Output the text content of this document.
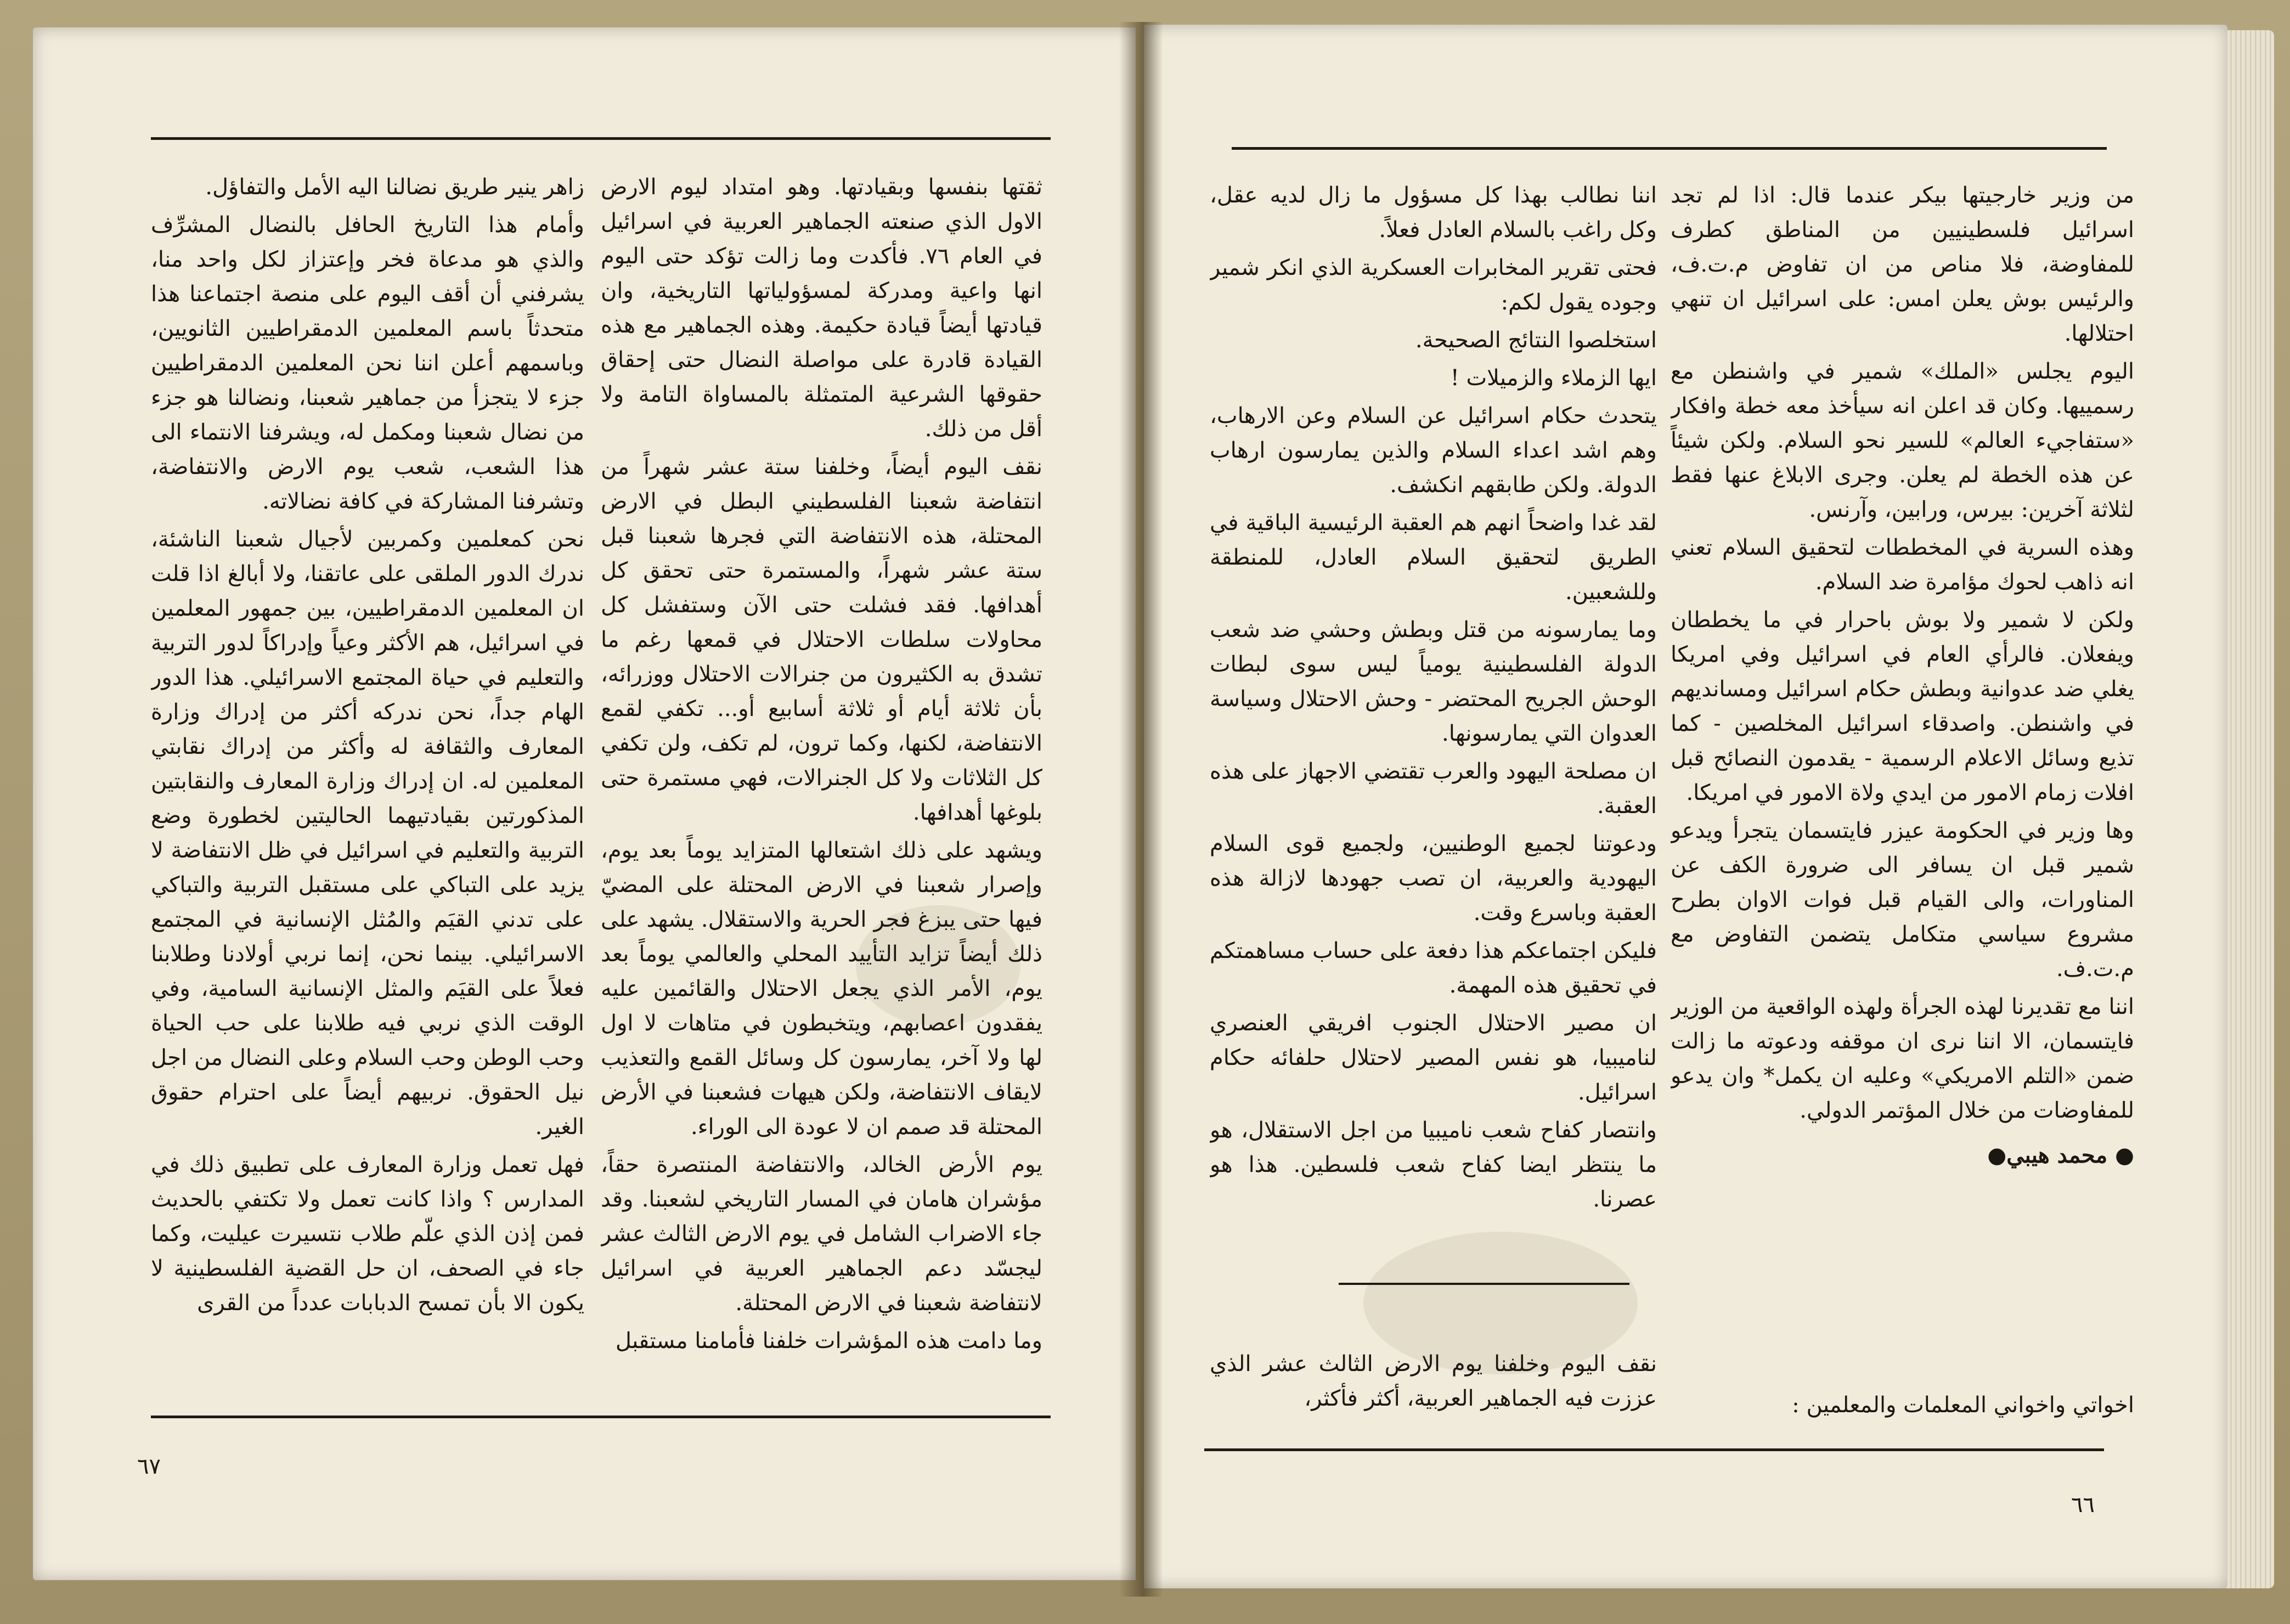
ثقتها بنفسها وبقيادتها. وهو امتداد ليوم الارض الاول الذي صنعته الجماهير العربية في اسرائيل في العام ٧٦. فأكدت وما زالت تؤكد حتى اليوم انها واعية ومدركة لمسؤولياتها التاريخية، وان قيادتها أيضاً قيادة حكيمة. وهذه الجماهير مع هذه القيادة قادرة على مواصلة النضال حتى إحقاق حقوقها الشرعية المتمثلة بالمساواة التامة ولا أقل من ذلك.

نقف اليوم أيضاً، وخلفنا ستة عشر شهراً من انتفاضة شعبنا الفلسطيني البطل في الارض المحتلة، هذه الانتفاضة التي فجرها شعبنا قبل ستة عشر شهراً، والمستمرة حتى تحقق كل أهدافها. فقد فشلت حتى الآن وستفشل كل محاولات سلطات الاحتلال في قمعها رغم ما تشدق به الكثيرون من جنرالات الاحتلال ووزرائه، بأن ثلاثة أيام أو ثلاثة أسابيع أو... تكفي لقمع الانتفاضة، لكنها، وكما ترون، لم تكف، ولن تكفي كل الثلاثات ولا كل الجنرالات، فهي مستمرة حتى بلوغها أهدافها.

ويشهد على ذلك اشتعالها المتزايد يوماً بعد يوم، وإصرار شعبنا في الارض المحتلة على المضيّ فيها حتى يبزغ فجر الحرية والاستقلال. يشهد على ذلك أيضاً تزايد التأييد المحلي والعالمي يوماً بعد يوم، الأمر الذي يجعل الاحتلال والقائمين عليه يفقدون اعصابهم، ويتخبطون في متاهات لا اول لها ولا آخر، يمارسون كل وسائل القمع والتعذيب لايقاف الانتفاضة، ولكن هيهات فشعبنا في الأرض المحتلة قد صمم ان لا عودة الى الوراء.

يوم الأرض الخالد، والانتفاضة المنتصرة حقاً، مؤشران هامان في المسار التاريخي لشعبنا. وقد جاء الاضراب الشامل في يوم الارض الثالث عشر ليجسّد دعم الجماهير العربية في اسرائيل لانتفاضة شعبنا في الارض المحتلة.

وما دامت هذه المؤشرات خلفنا فأمامنا مستقبل

زاهر ينير طريق نضالنا اليه الأمل والتفاؤل.

وأمام هذا التاريخ الحافل بالنضال المشرِّف والذي هو مدعاة فخر وإعتزاز لكل واحد منا، يشرفني أن أقف اليوم على منصة اجتماعنا هذا متحدثاً باسم المعلمين الدمقراطيين الثانويين، وباسمهم أعلن اننا نحن المعلمين الدمقراطيين جزء لا يتجزأ من جماهير شعبنا، ونضالنا هو جزء من نضال شعبنا ومكمل له، ويشرفنا الانتماء الى هذا الشعب، شعب يوم الارض والانتفاضة، وتشرفنا المشاركة في كافة نضالاته.

نحن كمعلمين وكمربين لأجيال شعبنا الناشئة، ندرك الدور الملقى على عاتقنا، ولا أبالغ اذا قلت ان المعلمين الدمقراطيين، بين جمهور المعلمين في اسرائيل، هم الأكثر وعياً وإدراكاً لدور التربية والتعليم في حياة المجتمع الاسرائيلي. هذا الدور الهام جداً، نحن ندركه أكثر من إدراك وزارة المعارف والثقافة له وأكثر من إدراك نقابتي المعلمين له. ان إدراك وزارة المعارف والنقابتين المذكورتين بقيادتيهما الحاليتين لخطورة وضع التربية والتعليم في اسرائيل في ظل الانتفاضة لا يزيد على التباكي على مستقبل التربية والتباكي على تدني القيَم والمُثل الإنسانية في المجتمع الاسرائيلي. بينما نحن، إنما نربي أولادنا وطلابنا فعلاً على القيَم والمثل الإنسانية السامية، وفي الوقت الذي نربي فيه طلابنا على حب الحياة وحب الوطن وحب السلام وعلى النضال من اجل نيل الحقوق. نربيهم أيضاً على احترام حقوق الغير.

فهل تعمل وزارة المعارف على تطبيق ذلك في المدارس ؟ واذا كانت تعمل ولا تكتفي بالحديث فمن إذن الذي علّم طلاب نتسيرت عيليت، وكما جاء في الصحف، ان حل القضية الفلسطينية لا يكون الا بأن تمسح الدبابات عدداً من القرى

٦٧

من وزير خارجيتها بيكر عندما قال: اذا لم تجد اسرائيل فلسطينيين من المناطق كطرف للمفاوضة، فلا مناص من ان تفاوض م.ت.ف، والرئيس بوش يعلن امس: على اسرائيل ان تنهي احتلالها.

اليوم يجلس «الملك» شمير في واشنطن مع رسمييها. وكان قد اعلن انه سيأخذ معه خطة وافكار «ستفاجيء العالم» للسير نحو السلام. ولكن شيئاً عن هذه الخطة لم يعلن. وجرى الابلاغ عنها فقط لثلاثة آخرين: بيرس، ورابين، وآرنس.

وهذه السرية في المخططات لتحقيق السلام تعني انه ذاهب لحوك مؤامرة ضد السلام.

ولكن لا شمير ولا بوش باحرار في ما يخططان ويفعلان. فالرأي العام في اسرائيل وفي امريكا يغلي ضد عدوانية وبطش حكام اسرائيل ومسانديهم في واشنطن. واصدقاء اسرائيل المخلصين - كما تذيع وسائل الاعلام الرسمية - يقدمون النصائح قبل افلات زمام الامور من ايدي ولاة الامور في امريكا.

وها وزير في الحكومة عيزر فايتسمان يتجرأ ويدعو شمير قبل ان يسافر الى ضرورة الكف عن المناورات، والى القيام قبل فوات الاوان بطرح مشروع سياسي متكامل يتضمن التفاوض مع م.ت.ف.

اننا مع تقديرنا لهذه الجرأة ولهذه الواقعية من الوزير فايتسمان، الا اننا نرى ان موقفه ودعوته ما زالت ضمن «التلم الامريكي» وعليه ان يكمل* وان يدعو للمفاوضات من خلال المؤتمر الدولي.

● محمد هيبي●

اننا نطالب بهذا كل مسؤول ما زال لديه عقل، وكل راغب بالسلام العادل فعلاً.

فحتى تقرير المخابرات العسكرية الذي انكر شمير وجوده يقول لكم:

استخلصوا النتائج الصحيحة.

ايها الزملاء والزميلات !

يتحدث حكام اسرائيل عن السلام وعن الارهاب، وهم اشد اعداء السلام والذين يمارسون ارهاب الدولة. ولكن طابقهم انكشف.

لقد غدا واضحاً انهم هم العقبة الرئيسية الباقية في الطريق لتحقيق السلام العادل، للمنطقة وللشعبين.

وما يمارسونه من قتل وبطش وحشي ضد شعب الدولة الفلسطينية يومياً ليس سوى لبطات الوحش الجريح المحتضر - وحش الاحتلال وسياسة العدوان التي يمارسونها.

ان مصلحة اليهود والعرب تقتضي الاجهاز على هذه العقبة.

ودعوتنا لجميع الوطنيين، ولجميع قوى السلام اليهودية والعربية، ان تصب جهودها لازالة هذه العقبة وباسرع وقت.

فليكن اجتماعكم هذا دفعة على حساب مساهمتكم في تحقيق هذه المهمة.

ان مصير الاحتلال الجنوب افريقي العنصري لناميبيا، هو نفس المصير لاحتلال حلفائه حكام اسرائيل.

وانتصار كفاح شعب ناميبيا من اجل الاستقلال، هو ما ينتظر ايضا كفاح شعب فلسطين. هذا هو عصرنا.

اخواتي واخواني المعلمات والمعلمين :

نقف اليوم وخلفنا يوم الارض الثالث عشر الذي عززت فيه الجماهير العربية، أكثر فأكثر،

٦٦
